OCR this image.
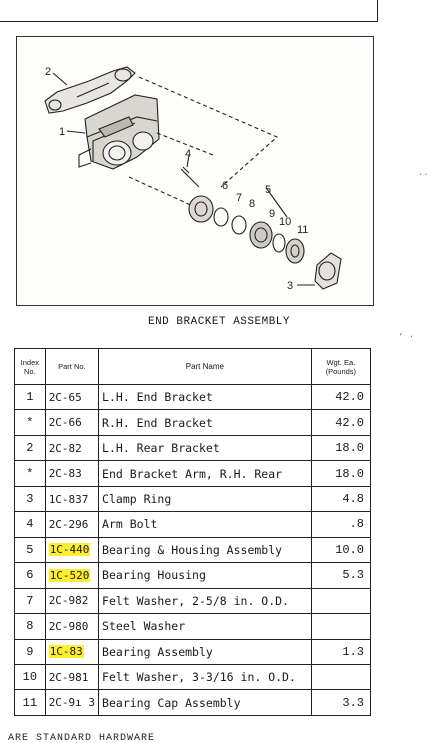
2
1
3
4
5
6
7 8
9
10
11
END BRACKET ASSEMBLY
··
‘ ·
Index No.	Part No.	Part Name	Wgt. Ea. (Pounds)
1	2C-65	L.H. End Bracket	42.0
*	2C-66	R.H. End Bracket	42.0
2	2C-82	L.H. Rear Bracket	18.0
*	2C-83	End Bracket Arm, R.H. Rear	18.0
3	1C-837	Clamp Ring	4.8
4	2C-296	Arm Bolt	.8
5	1C-440	Bearing & Housing Assembly	10.0
6	1C-520	Bearing Housing	5.3
7	2C-982	Felt Washer, 2-5/8 in. O.D.	
8	2C-980	Steel Washer	
9	1C-83	Bearing Assembly	1.3
10	2C-981	Felt Washer, 3-3/16 in. O.D.	
11	2C-9ı 3	Bearing Cap Assembly	3.3
ARE STANDARD HARDWARE
